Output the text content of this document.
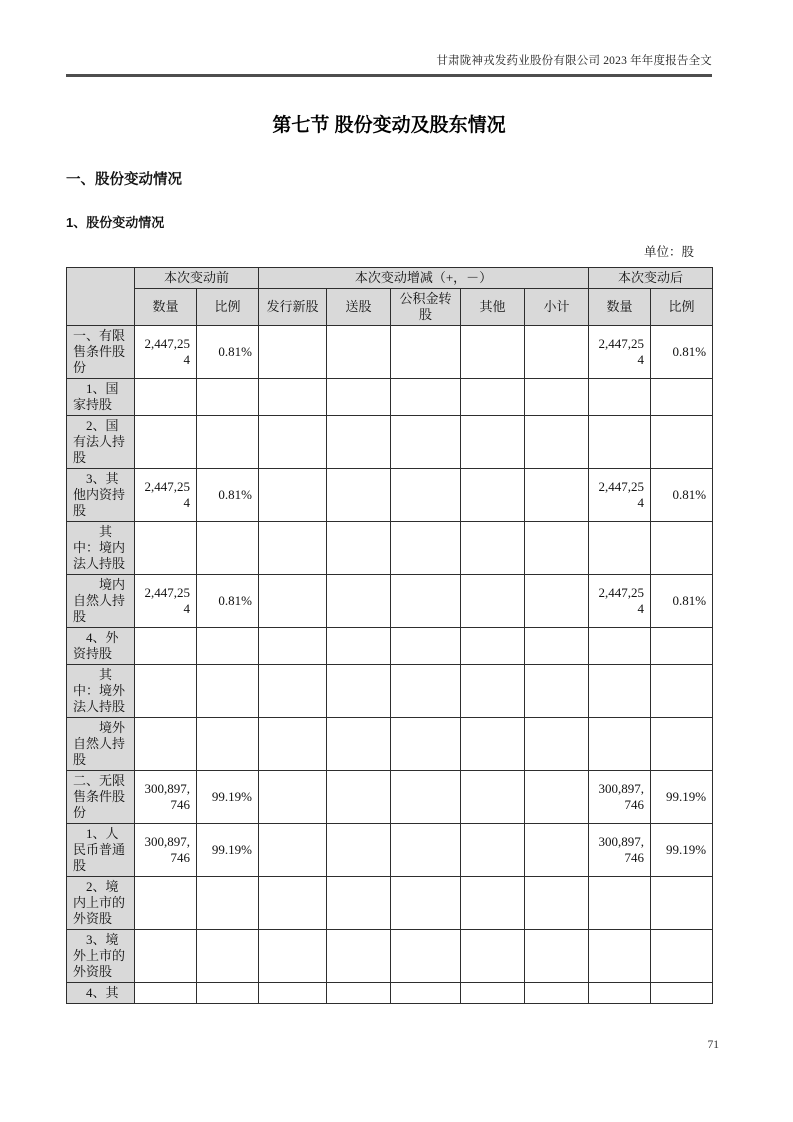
甘肃陇神戎发药业股份有限公司 2023 年年度报告全文
第七节 股份变动及股东情况
一、股份变动情况
1、股份变动情况
单位：股
	本次变动前		本次变动增减（+，－）					本次变动后	
	数量	比例	发行新股	送股	公积金转股	其他	小计	数量	比例
一、有限售条件股份	2,447,254	0.81%						2,447,254	0.81%
1、国家持股									
2、国有法人持股									
3、其他内资持股	2,447,254	0.81%						2,447,254	0.81%
其中：境内法人持股									
境内自然人持股	2,447,254	0.81%						2,447,254	0.81%
4、外资持股									
其中：境外法人持股									
境外自然人持股									
二、无限售条件股份	300,897,746	99.19%						300,897,746	99.19%
1、人民币普通股	300,897,746	99.19%						300,897,746	99.19%
2、境内上市的外资股									
3、境外上市的外资股									
4、其									
71
